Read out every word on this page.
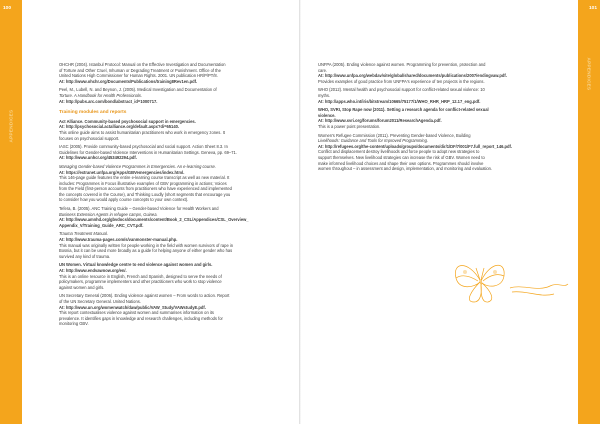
100
APPENDICES
101
APPENDICES

OHCHR (2004). Istanbul Protocol: Manual on the Effective Investigation and Documentation

of Torture and Other Cruel, Inhuman or Degrading Treatment or Punishment. Office of the

United Nations High Commissioner for Human Rights. 2001. UN publication HR/P/PT/8.

At: http://www.ohchr.org/Documents/Publications/training8Rev1en.pdf.

Peel, M., Lubell, N. and Beynon, J. (2005). Medical Investigation and Documentation of

Torture. A Handbook for Health Professionals.

At: http://pubs.arc.com/bond/abstract_id=1000717.

Training modules and reports

Act Alliance. Community-based psychosocial support in emergencies.

At: http://psychosocial.actalliance.org/default.aspx?di=65140.

This online guide aims to assist humanitarian practitioners who work in emergency zones. It

focuses on psychosocial support.

IASC (2005). Provide community-based psychosocial and social support. Action Sheet 8.3. In

Guidelines for Gender-based Violence Interventions in Humanitarian Settings. Geneva, pp. 69–71.

At: http://www.unhcr.org/453492294.pdf.

Managing Gender-based Violence Programmes in Emergencies. An e-learning course.

At: https://extranet.unfpa.org/Apps/GBVemergencies/index.html.

This 146-page guide features the entire e-learning course transcript as well as new material. It

includes: Programmes in Focus illustrative examples of GBV programming in actions; Voices

from the Field (first-person accounts from practitioners who have experienced and implemented

the concepts covered in the Course), and Thinking Loudly (short segments that encourage you

to consider how you would apply course concepts to your own context).

Tefera, B. (2005). ANC Training Guide – Gender-based Violence for Health Workers and

Business Extension Agents in refugee camps, Guinea.

At: http://www.amnhd.org/gbvdocs/documents/content/Book_2_CSL/Appendices/CSL_Overview_

Appendix_V/Training_Guide_ARC_CVT.pdf.

Trauma Treatment Manual.

At: http://www.trauma-pages.com/s/vanmonster-manual.php.

This manual was originally written for people working in the field with women survivors of rape in

Bosnia, but it can be used more broadly as a guide for helping anyone of either gender who has

survived any kind of trauma.

UN Women. Virtual knowledge centre to end violence against women and girls.

At: http://www.endvawnow.org/en/.

This is an online resource in English, French and Spanish, designed to serve the needs of

policymakers, programme implementers and other practitioners who work to stop violence

against women and girls.

UN Secretary General (2006). Ending violence against women – From words to action. Report

of the UN Secretary General. United Nations.

At: http://www.un.org/womenwatch/daw/public/VAW_Study/VAWstudyE.pdf.

This report contextualises violence against women and summarises information on its

prevalence. It identifies gaps in knowledge and research challenges, including methods for

monitoring GBV.

UNFPA (2005). Ending violence against women. Programming for prevention, protection and

care.

At: http://www.unfpa.org/webdav/site/global/shared/documents/publications/2007/endingvaw.pdf.

Provides examples of good practice from UNFPA's experience of ten projects in the regions.

WHO (2012). Mental health and psychosocial support for conflict-related sexual violence: 10

myths.

At: http://apps.who.int/iris/bitstream/10665/75177/1/WHO_RHR_HRP_12.17_eng.pdf.

WHO, SVRI, Stop Rape now (2011). Setting a research agenda for conflict-related sexual

violence.

At: http://www.svri.org/forums/forum2011/ResearchAgenda.pdf.

This is a power point presentation.

Women's Refugee Commission (2011). Preventing Gender-based Violence, Building

Livelihoods: Guidance and Tools for Improved Programming.

At: http://refugees.org/the-content/uploads/groups/documents/dir/1/DF/7/001/F7.full_report_146.pdf.

Conflict and displacement destroy livelihoods and force people to adopt new strategies to

support themselves. New livelihood strategies can increase the risk of GBV. Women need to

make informed livelihood choices and shape their own options. Programmes should involve

women throughout – in assessment and design, implementation, and monitoring and evaluation.
